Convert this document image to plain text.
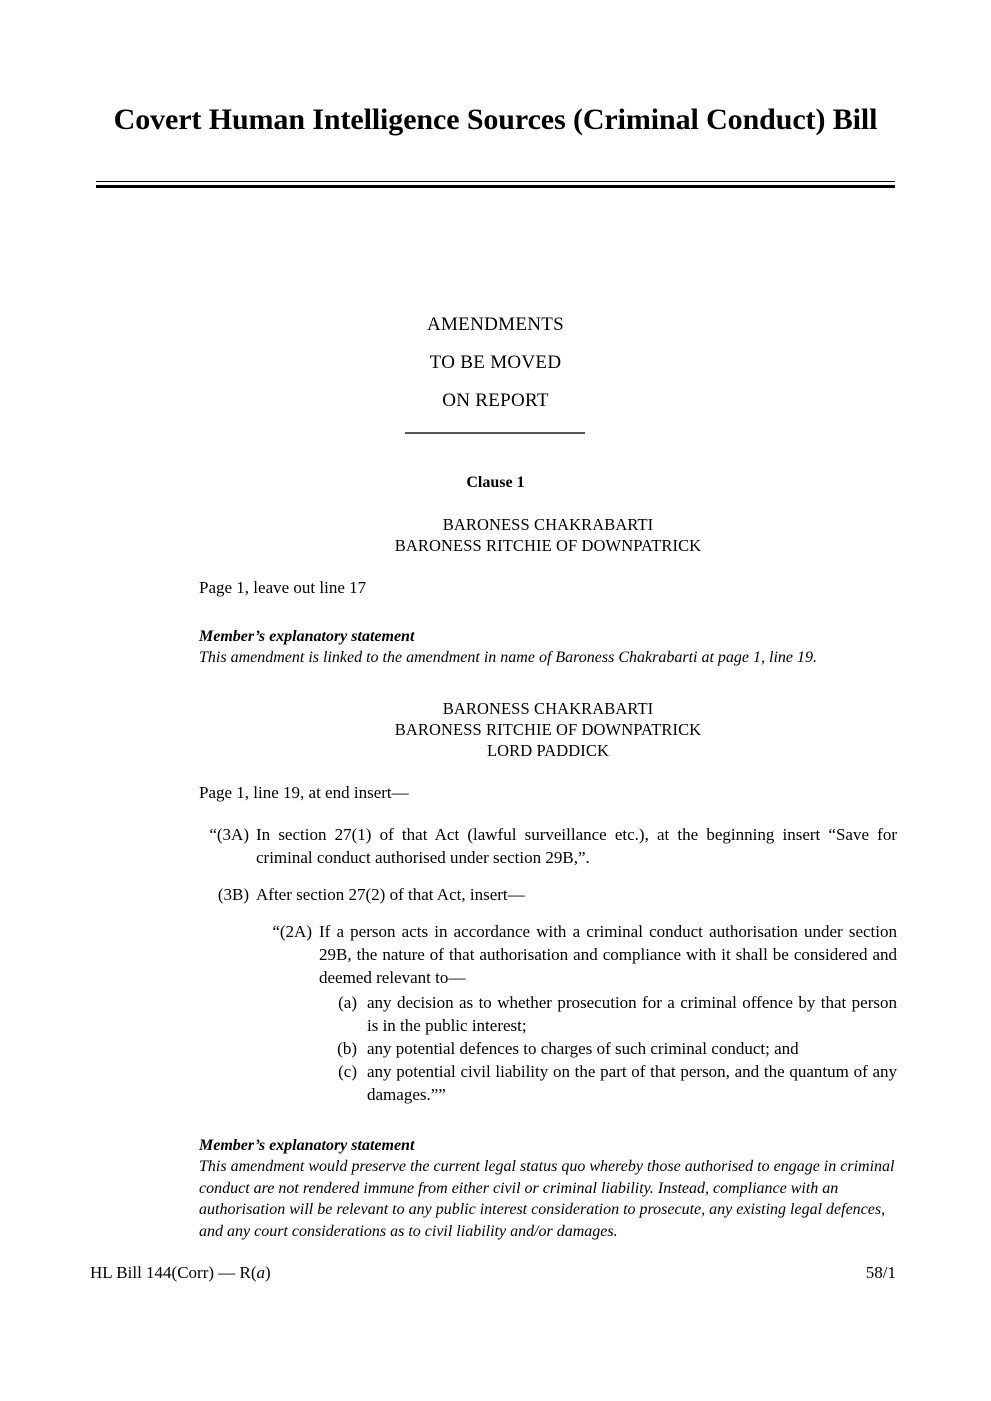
Covert Human Intelligence Sources (Criminal Conduct) Bill
AMENDMENTS
TO BE MOVED
ON REPORT
Clause 1
BARONESS CHAKRABARTI
BARONESS RITCHIE OF DOWNPATRICK
Page 1, leave out line 17
Member’s explanatory statement
This amendment is linked to the amendment in name of Baroness Chakrabarti at page 1, line 19.
BARONESS CHAKRABARTI
BARONESS RITCHIE OF DOWNPATRICK
LORD PADDICK
Page 1, line 19, at end insert—
“(3A) In section 27(1) of that Act (lawful surveillance etc.), at the beginning insert “Save for criminal conduct authorised under section 29B,”.
(3B) After section 27(2) of that Act, insert—
“(2A) If a person acts in accordance with a criminal conduct authorisation under section 29B, the nature of that authorisation and compliance with it shall be considered and deemed relevant to—
(a) any decision as to whether prosecution for a criminal offence by that person is in the public interest;
(b) any potential defences to charges of such criminal conduct; and
(c) any potential civil liability on the part of that person, and the quantum of any damages.””
Member’s explanatory statement
This amendment would preserve the current legal status quo whereby those authorised to engage in criminal conduct are not rendered immune from either civil or criminal liability. Instead, compliance with an authorisation will be relevant to any public interest consideration to prosecute, any existing legal defences, and any court considerations as to civil liability and/or damages.
HL Bill 144(Corr) — R(a)	58/1
